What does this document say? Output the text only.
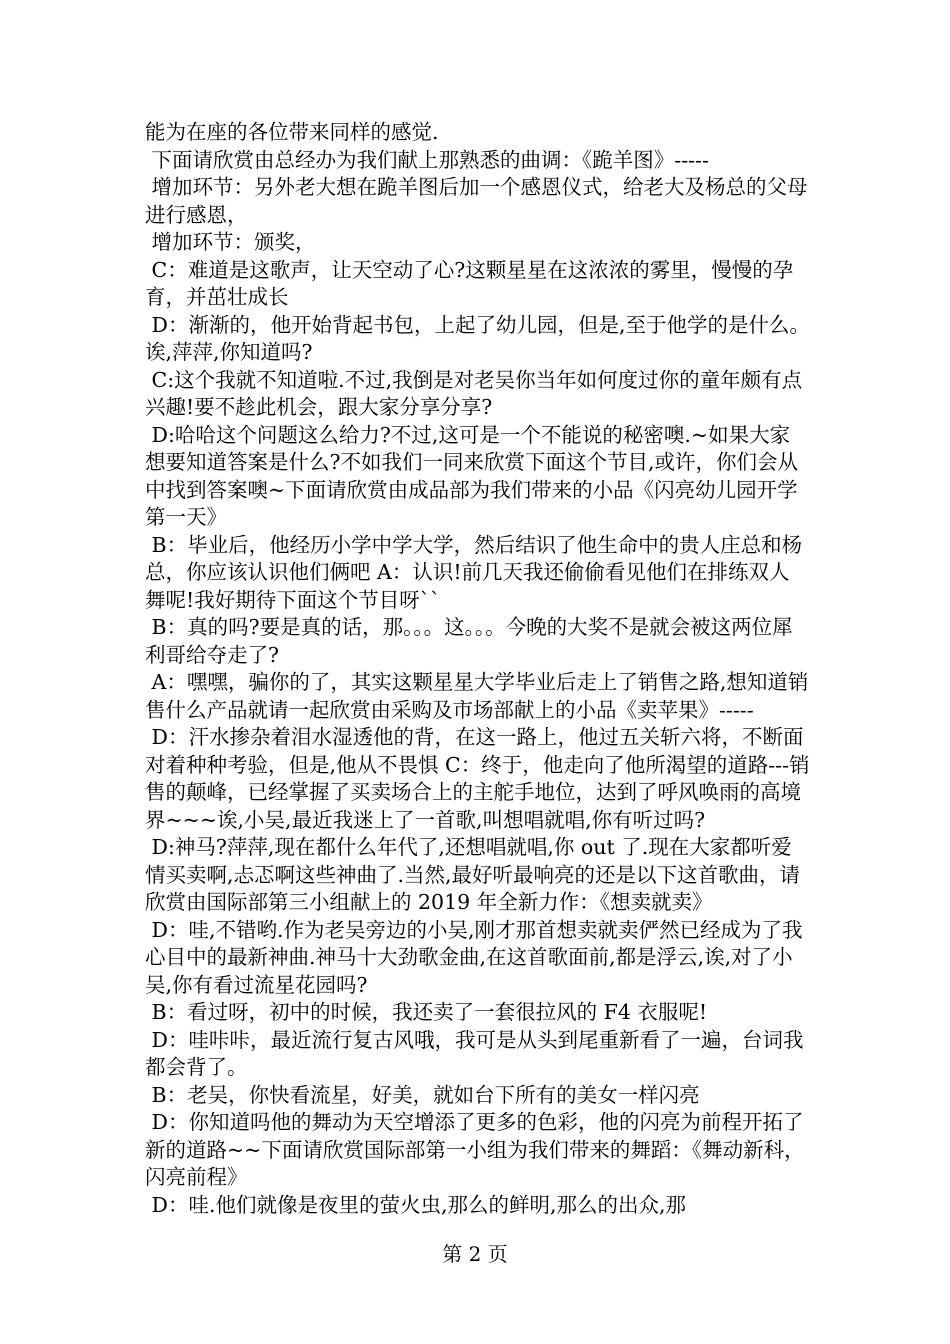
能为在座的各位带来同样的感觉.

下面请欣赏由总经办为我们献上那熟悉的曲调：《跪羊图》-----

增加环节：另外老大想在跪羊图后加一个感恩仪式，给老大及杨总的父母进行感恩，

增加环节：颁奖，

C：难道是这歌声，让天空动了心?这颗星星在这浓浓的雾里，慢慢的孕育，并茁壮成长

D：渐渐的，他开始背起书包，上起了幼儿园，但是,至于他学的是什么。诶,萍萍,你知道吗?

C:这个我就不知道啦.不过,我倒是对老吴你当年如何度过你的童年颇有点兴趣!要不趁此机会，跟大家分享分享?

D:哈哈这个问题这么给力?不过,这可是一个不能说的秘密噢.~如果大家想要知道答案是什么?不如我们一同来欣赏下面这个节目,或许，你们会从中找到答案噢~下面请欣赏由成品部为我们带来的小品《闪亮幼儿园开学第一天》

B：毕业后，他经历小学中学大学，然后结识了他生命中的贵人庄总和杨总，你应该认识他们俩吧 A：认识!前几天我还偷偷看见他们在排练双人舞呢!我好期待下面这个节目呀``

B：真的吗?要是真的话，那。。。这。。。今晚的大奖不是就会被这两位犀利哥给夺走了?

A：嘿嘿，骗你的了，其实这颗星星大学毕业后走上了销售之路,想知道销售什么产品就请一起欣赏由采购及市场部献上的小品《卖苹果》-----

D：汗水掺杂着泪水湿透他的背，在这一路上，他过五关斩六将，不断面对着种种考验，但是,他从不畏惧 C：终于，他走向了他所渴望的道路---销售的颠峰，已经掌握了买卖场合上的主舵手地位，达到了呼风唤雨的高境界~~~诶,小吴,最近我迷上了一首歌,叫想唱就唱,你有听过吗?

D:神马?萍萍,现在都什么年代了,还想唱就唱,你 out 了.现在大家都听爱情买卖啊,忐忑啊这些神曲了.当然,最好听最响亮的还是以下这首歌曲，请欣赏由国际部第三小组献上的 2019 年全新力作：《想卖就卖》

D：哇,不错哟.作为老吴旁边的小吴,刚才那首想卖就卖俨然已经成为了我心目中的最新神曲.神马十大劲歌金曲,在这首歌面前,都是浮云,诶,对了小吴,你有看过流星花园吗?

B：看过呀，初中的时候，我还卖了一套很拉风的 F4 衣服呢!

D：哇咔咔，最近流行复古风哦，我可是从头到尾重新看了一遍，台词我都会背了。

B：老吴，你快看流星，好美，就如台下所有的美女一样闪亮

D：你知道吗他的舞动为天空增添了更多的色彩，他的闪亮为前程开拓了新的道路~~下面请欣赏国际部第一小组为我们带来的舞蹈：《舞动新科，闪亮前程》

D：哇.他们就像是夜里的萤火虫,那么的鲜明,那么的出众,那

第 2 页
